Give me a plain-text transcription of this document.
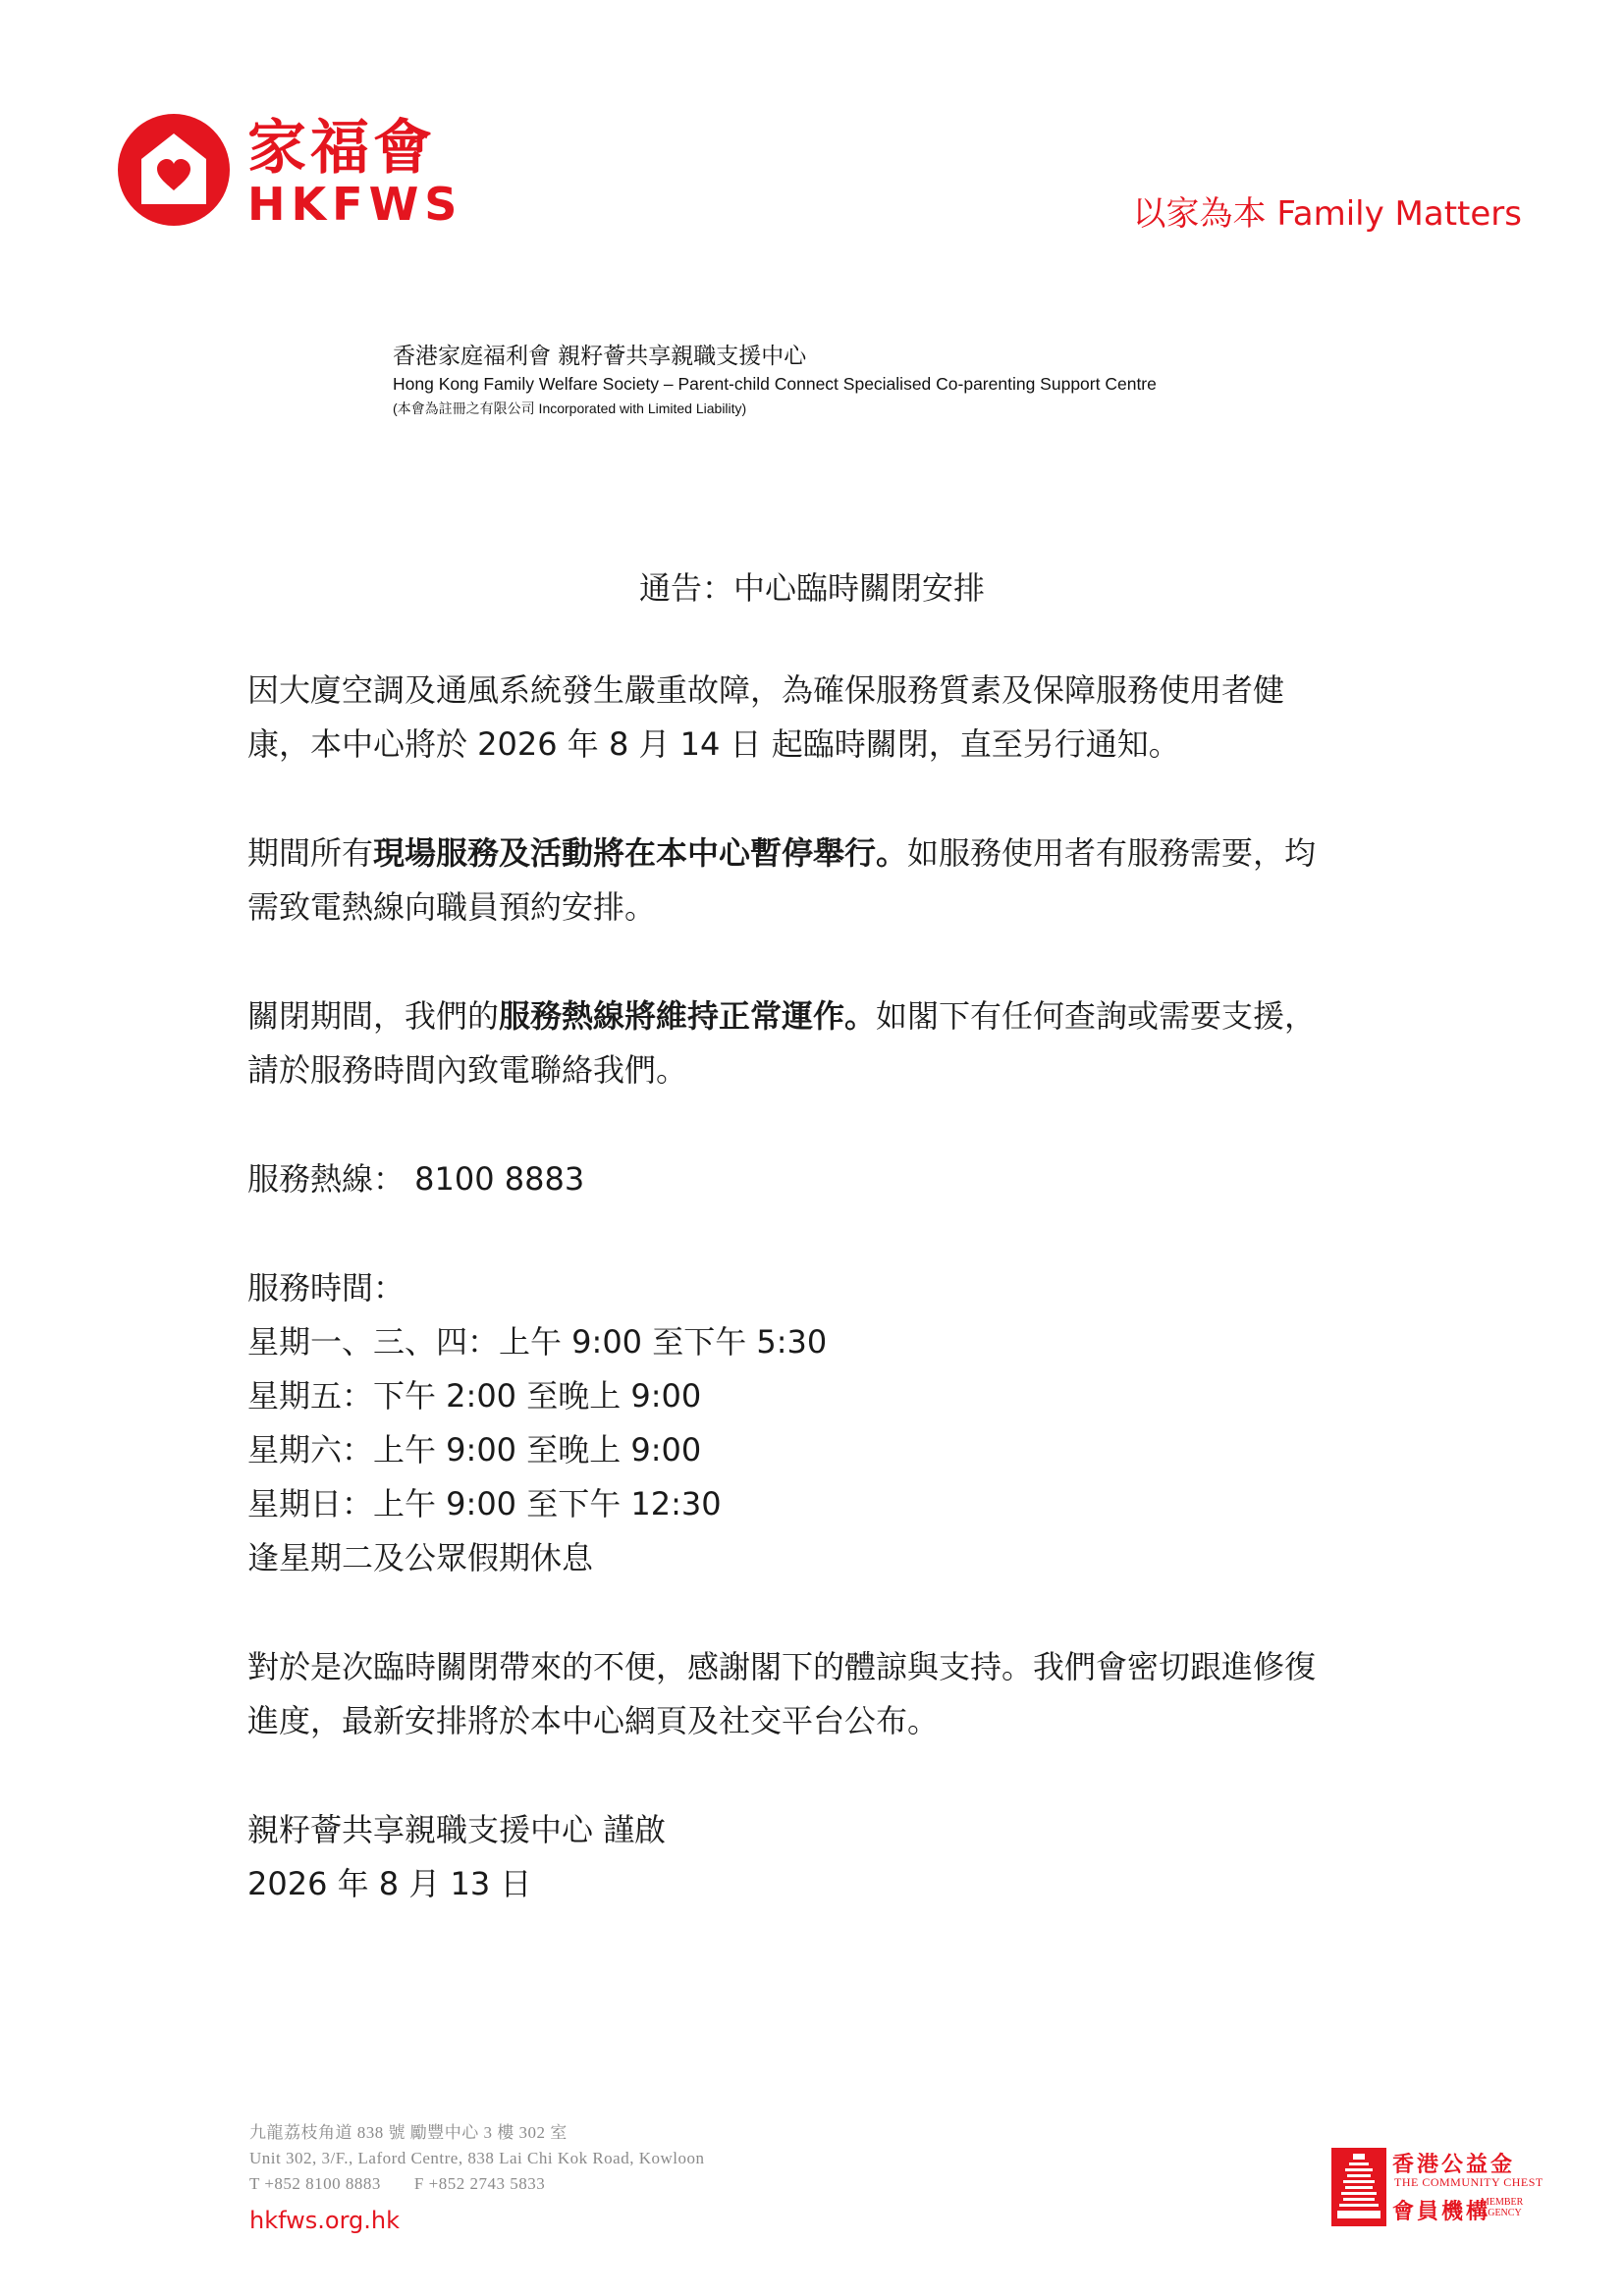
家福會
HKFWS	以家為本 Family Matters
香港家庭福利會 親籽薈共享親職支援中心
Hong Kong Family Welfare Society – Parent-child Connect Specialised Co-parenting Support Centre
(本會為註冊之有限公司 Incorporated with Limited Liability)
通告：中心臨時關閉安排

因大廈空調及通風系統發生嚴重故障，為確保服務質素及保障服務使用者健
康，本中心將於 2026 年 8 月 14 日 起臨時關閉，直至另行通知。

期間所有現場服務及活動將在本中心暫停舉行。如服務使用者有服務需要，均
需致電熱線向職員預約安排。

關閉期間，我們的服務熱線將維持正常運作。如閣下有任何查詢或需要支援，
請於服務時間內致電聯絡我們。

服務熱線： 8100 8883

服務時間：
星期一、三、四：上午 9:00 至下午 5:30
星期五：下午 2:00 至晚上 9:00
星期六：上午 9:00 至晚上 9:00
星期日：上午 9:00 至下午 12:30
逢星期二及公眾假期休息

對於是次臨時關閉帶來的不便，感謝閣下的體諒與支持。我們會密切跟進修復
進度，最新安排將於本中心網頁及社交平台公布。

親籽薈共享親職支援中心 謹啟
2026 年 8 月 13 日

九龍荔枝角道 838 號 勵豐中心 3 樓 302 室
Unit 302, 3/F., Laford Centre, 838 Lai Chi Kok Road, Kowloon
T +852 8100 8883 F +852 2743 5833
hkfws.org.hk
香港公益金
THE COMMUNITY CHEST
會員機構
MEMBER AGENCY
